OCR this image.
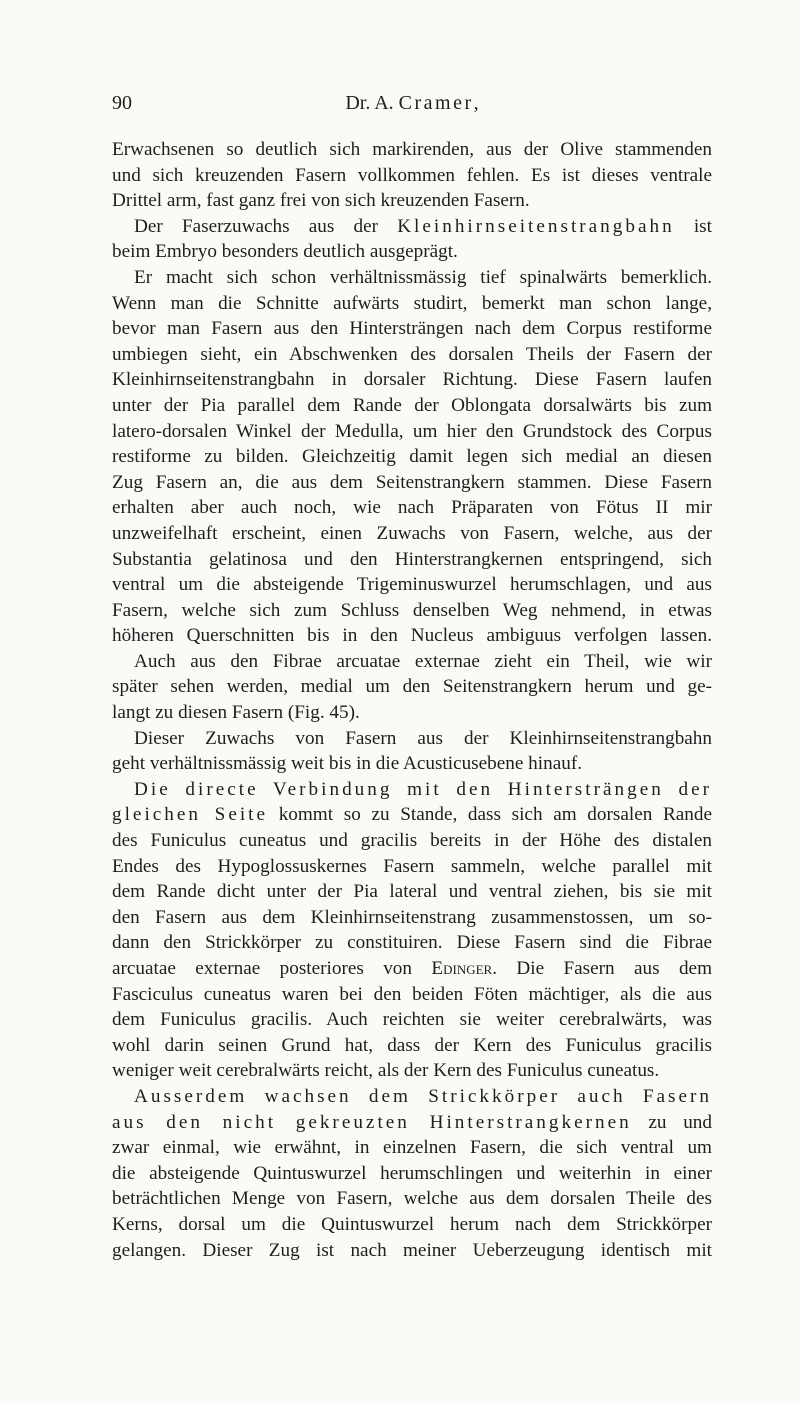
90	Dr. A. Cramer,
Erwachsenen so deutlich sich markirenden, aus der Olive stammenden
und sich kreuzenden Fasern vollkommen fehlen. Es ist dieses ventrale
Drittel arm, fast ganz frei von sich kreuzenden Fasern.
Der Faserzuwachs aus der Kleinhirnseitenstrangbahn ist
beim Embryo besonders deutlich ausgeprägt.
Er macht sich schon verhältnissmässig tief spinalwärts bemerklich.
Wenn man die Schnitte aufwärts studirt, bemerkt man schon lange,
bevor man Fasern aus den Hintersträngen nach dem Corpus restiforme
umbiegen sieht, ein Abschwenken des dorsalen Theils der Fasern der
Kleinhirnseitenstrangbahn in dorsaler Richtung. Diese Fasern laufen
unter der Pia parallel dem Rande der Oblongata dorsalwärts bis zum
latero-dorsalen Winkel der Medulla, um hier den Grundstock des Corpus
restiforme zu bilden. Gleichzeitig damit legen sich medial an diesen
Zug Fasern an, die aus dem Seitenstrangkern stammen. Diese Fasern
erhalten aber auch noch, wie nach Präparaten von Fötus II mir
unzweifelhaft erscheint, einen Zuwachs von Fasern, welche, aus der
Substantia gelatinosa und den Hinterstrangkernen entspringend, sich
ventral um die absteigende Trigeminuswurzel herumschlagen, und aus
Fasern, welche sich zum Schluss denselben Weg nehmend, in etwas
höheren Querschnitten bis in den Nucleus ambiguus verfolgen lassen.
Auch aus den Fibrae arcuatae externae zieht ein Theil, wie wir
später sehen werden, medial um den Seitenstrangkern herum und ge-
langt zu diesen Fasern (Fig. 45).
Dieser Zuwachs von Fasern aus der Kleinhirnseitenstrangbahn
geht verhältnissmässig weit bis in die Acusticusebene hinauf.
Die directe Verbindung mit den Hintersträngen der
gleichen Seite kommt so zu Stande, dass sich am dorsalen Rande
des Funiculus cuneatus und gracilis bereits in der Höhe des distalen
Endes des Hypoglossuskernes Fasern sammeln, welche parallel mit
dem Rande dicht unter der Pia lateral und ventral ziehen, bis sie mit
den Fasern aus dem Kleinhirnseitenstrang zusammenstossen, um so-
dann den Strickkörper zu constituiren. Diese Fasern sind die Fibrae
arcuatae externae posteriores von Edinger. Die Fasern aus dem
Fasciculus cuneatus waren bei den beiden Föten mächtiger, als die aus
dem Funiculus gracilis. Auch reichten sie weiter cerebralwärts, was
wohl darin seinen Grund hat, dass der Kern des Funiculus gracilis
weniger weit cerebralwärts reicht, als der Kern des Funiculus cuneatus.
Ausserdem wachsen dem Strickkörper auch Fasern
aus den nicht gekreuzten Hinterstrangkernen zu und
zwar einmal, wie erwähnt, in einzelnen Fasern, die sich ventral um
die absteigende Quintuswurzel herumschlingen und weiterhin in einer
beträchtlichen Menge von Fasern, welche aus dem dorsalen Theile des
Kerns, dorsal um die Quintuswurzel herum nach dem Strickkörper
gelangen. Dieser Zug ist nach meiner Ueberzeugung identisch mit
